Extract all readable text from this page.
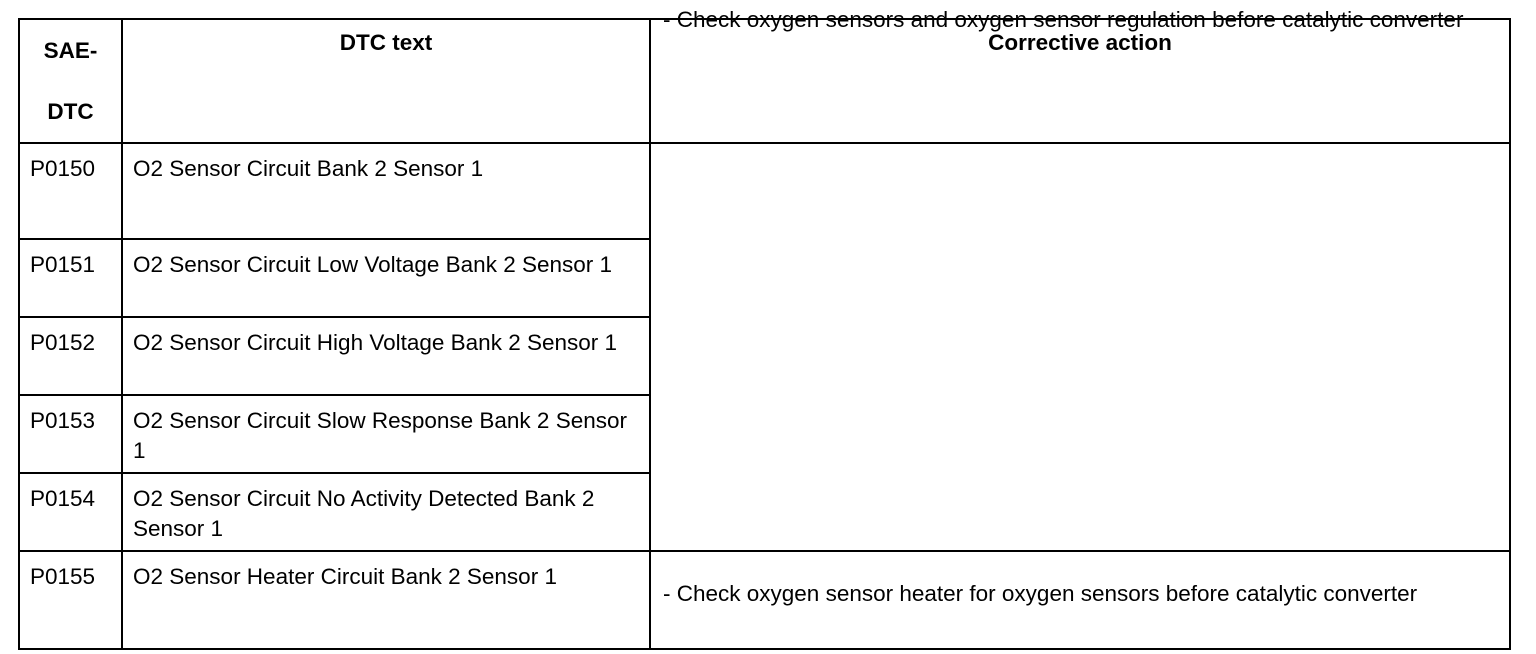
SAE-
DTC	DTC text	Corrective action
P0150	O2 Sensor Circuit Bank 2 Sensor 1	- Check oxygen sensors and oxygen sensor regulation before catalytic converter

P0151	O2 Sensor Circuit Low Voltage Bank 2 Sensor 1	
P0152	O2 Sensor Circuit High Voltage Bank 2 Sensor 1	
P0153	O2 Sensor Circuit Slow Response Bank 2 Sensor 1	
P0154	O2 Sensor Circuit No Activity Detected Bank 2 Sensor 1	
P0155	O2 Sensor Heater Circuit Bank 2 Sensor 1	- Check oxygen sensor heater for oxygen sensors before catalytic converter
